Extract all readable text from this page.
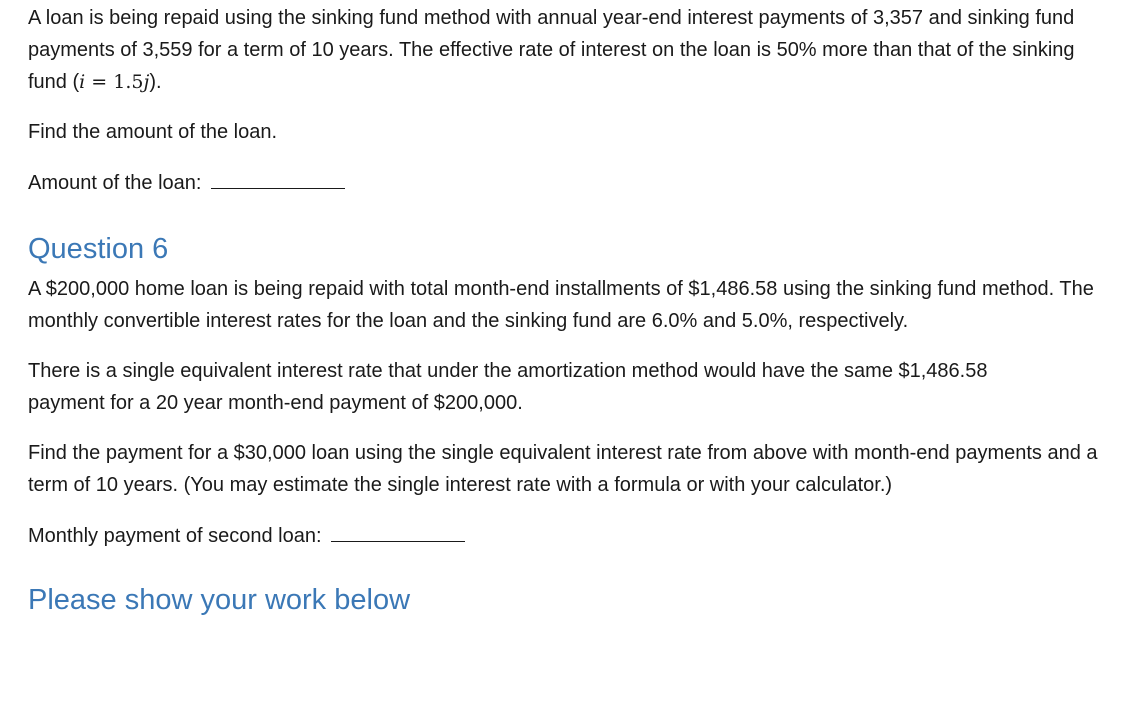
A loan is being repaid using the sinking fund method with annual year-end interest payments of 3,357 and sinking fund payments of 3,559 for a term of 10 years. The effective rate of interest on the loan is 50% more than that of the sinking fund (i = 1.5j).

Find the amount of the loan.

Amount of the loan:

Question 6

A $200,000 home loan is being repaid with total month-end installments of $1,486.58 using the sinking fund method. The monthly convertible interest rates for the loan and the sinking fund are 6.0% and 5.0%, respectively.

There is a single equivalent interest rate that under the amortization method would have the same $1,486.58 payment for a 20 year month-end payment of $200,000.

Find the payment for a $30,000 loan using the single equivalent interest rate from above with month-end payments and a term of 10 years. (You may estimate the single interest rate with a formula or with your calculator.)

Monthly payment of second loan:

Please show your work below
